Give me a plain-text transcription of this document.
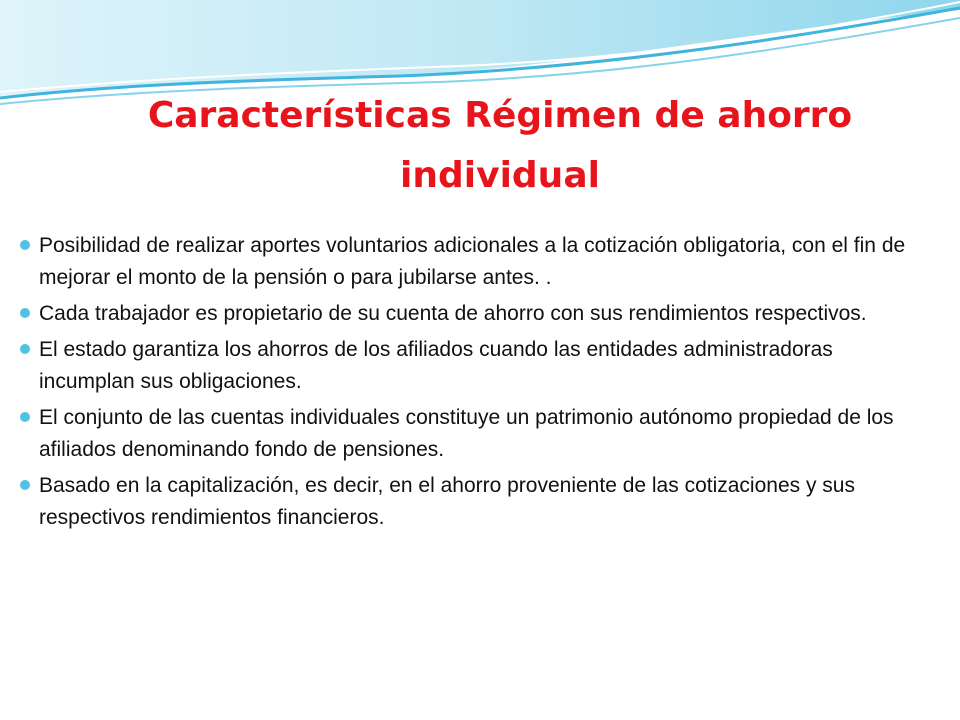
Características Régimen de ahorro individual
Posibilidad de realizar aportes voluntarios adicionales a la cotización obligatoria, con el fin de mejorar el monto de la pensión o para jubilarse antes. .
Cada trabajador es propietario de su cuenta de ahorro con sus rendimientos respectivos.
El estado garantiza los ahorros de los afiliados cuando las entidades administradoras incumplan sus obligaciones.
El conjunto de las cuentas individuales constituye un patrimonio autónomo propiedad de los afiliados denominando fondo de pensiones.
Basado en la capitalización, es decir, en el ahorro proveniente de las cotizaciones y sus respectivos rendimientos financieros.
